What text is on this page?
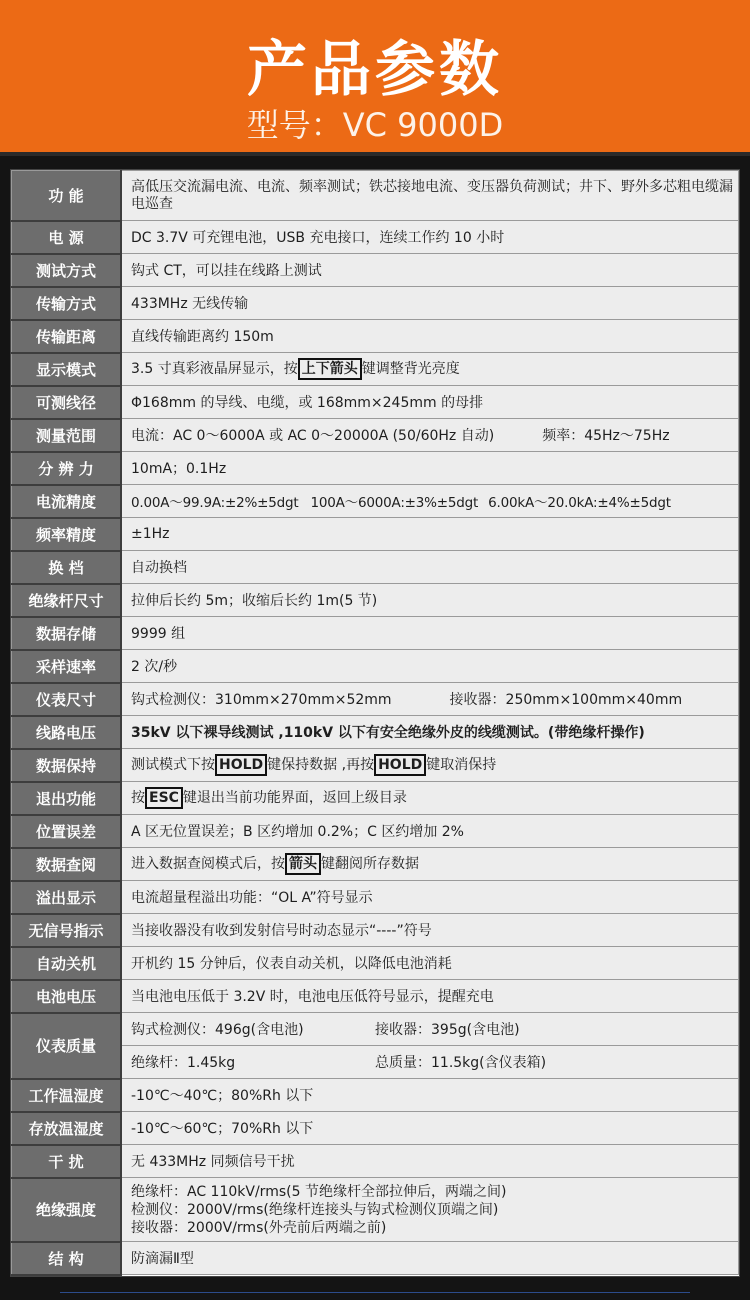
产品参数
型号：VC 9000D
功 能	高低压交流漏电流、电流、频率测试；铁芯接地电流、变压器负荷测试；井下、野外多芯粗电缆漏电巡查
电 源	DC 3.7V 可充锂电池，USB 充电接口，连续工作约 10 小时
测试方式	钩式 CT，可以挂在线路上测试
传输方式	433MHz 无线传输
传输距离	直线传输距离约 150m
显示模式	3.5 寸真彩液晶屏显示，按 上下箭头 键调整背光亮度
可测线径	Φ168mm 的导线、电缆，或 168mm×245mm 的母排
测量范围	电流：AC 0～6000A 或 AC 0～20000A (50/60Hz 自动) 频率：45Hz～75Hz
分 辨 力	10mA；0.1Hz
电流精度	0.00A～99.9A:±2%±5dgt 100A～6000A:±3%±5dgt 6.00kA～20.0kA:±4%±5dgt
频率精度	±1Hz
换 档	自动换档
绝缘杆尺寸	拉伸后长约 5m；收缩后长约 1m(5 节)
数据存储	9999 组
采样速率	2 次/秒
仪表尺寸	钩式检测仪：310mm×270mm×52mm 接收器：250mm×100mm×40mm
线路电压	35kV 以下裸导线测试 ,110kV 以下有安全绝缘外皮的线缆测试。(带绝缘杆操作)
数据保持	测试模式下按 HOLD 键保持数据 ,再按 HOLD 键取消保持
退出功能	按 ESC 键退出当前功能界面，返回上级目录
位置误差	A 区无位置误差；B 区约增加 0.2%；C 区约增加 2%
数据查阅	进入数据查阅模式后，按 箭头 键翻阅所存数据
溢出显示	电流超量程溢出功能：“OL A”符号显示
无信号指示	当接收器没有收到发射信号时动态显示“----”符号
自动关机	开机约 15 分钟后，仪表自动关机，以降低电池消耗
电池电压	当电池电压低于 3.2V 时，电池电压低符号显示，提醒充电
仪表质量	钩式检测仪：496g(含电池) 接收器：395g(含电池)
	绝缘杆：1.45kg 总质量：11.5kg(含仪表箱)
工作温湿度	-10℃～40℃；80%Rh 以下
存放温湿度	-10℃～60℃；70%Rh 以下
干 扰	无 433MHz 同频信号干扰
绝缘强度	绝缘杆：AC 110kV/rms(5 节绝缘杆全部拉伸后，两端之间)
检测仪：2000V/rms(绝缘杆连接头与钩式检测仪顶端之间)
接收器：2000V/rms(外壳前后两端之前)

结 构	防滴漏Ⅱ型
